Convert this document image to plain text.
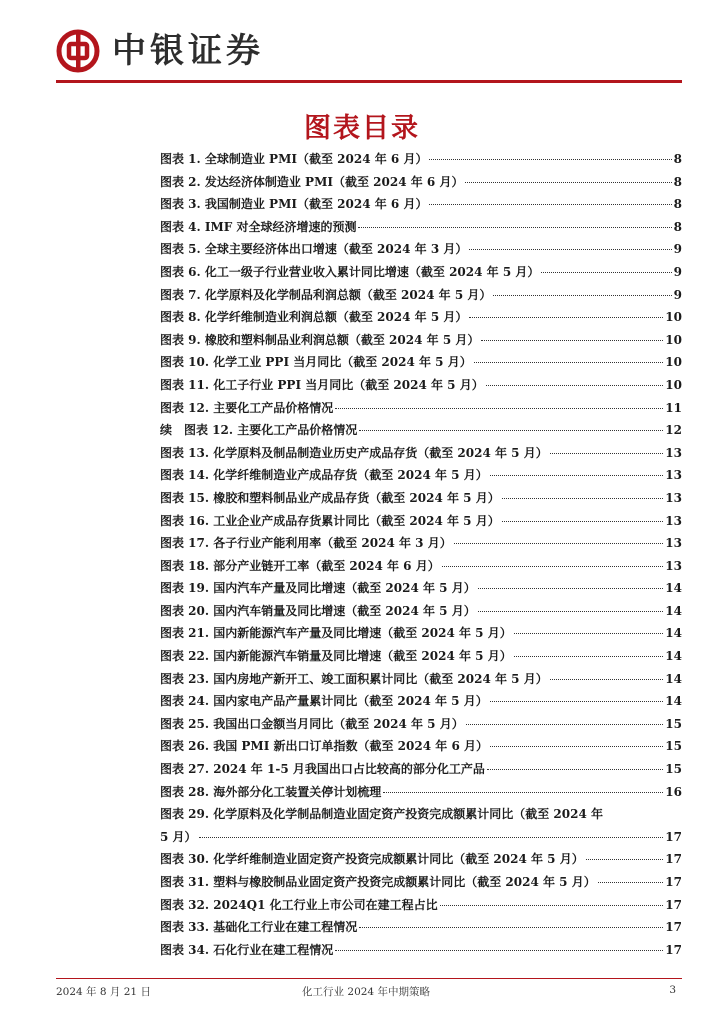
中银证券
图表目录
图表 1. 全球制造业 PMI（截至 2024 年 6 月）	8
图表 2. 发达经济体制造业 PMI（截至 2024 年 6 月）	8
图表 3. 我国制造业 PMI（截至 2024 年 6 月）	8
图表 4. IMF 对全球经济增速的预测	8
图表 5. 全球主要经济体出口增速（截至 2024 年 3 月）	9
图表 6. 化工一级子行业营业收入累计同比增速（截至 2024 年 5 月）	9
图表 7. 化学原料及化学制品利润总额（截至 2024 年 5 月）	9
图表 8. 化学纤维制造业利润总额（截至 2024 年 5 月）	10
图表 9. 橡胶和塑料制品业利润总额（截至 2024 年 5 月）	10
图表 10. 化学工业 PPI 当月同比（截至 2024 年 5 月）	10
图表 11. 化工子行业 PPI 当月同比（截至 2024 年 5 月）	10
图表 12. 主要化工产品价格情况	11
续　图表 12. 主要化工产品价格情况	12
图表 13. 化学原料及制品制造业历史产成品存货（截至 2024 年 5 月）	13
图表 14. 化学纤维制造业产成品存货（截至 2024 年 5 月）	13
图表 15. 橡胶和塑料制品业产成品存货（截至 2024 年 5 月）	13
图表 16. 工业企业产成品存货累计同比（截至 2024 年 5 月）	13
图表 17. 各子行业产能利用率（截至 2024 年 3 月）	13
图表 18. 部分产业链开工率（截至 2024 年 6 月）	13
图表 19. 国内汽车产量及同比增速（截至 2024 年 5 月）	14
图表 20. 国内汽车销量及同比增速（截至 2024 年 5 月）	14
图表 21. 国内新能源汽车产量及同比增速（截至 2024 年 5 月）	14
图表 22. 国内新能源汽车销量及同比增速（截至 2024 年 5 月）	14
图表 23. 国内房地产新开工、竣工面积累计同比（截至 2024 年 5 月）	14
图表 24. 国内家电产品产量累计同比（截至 2024 年 5 月）	14
图表 25. 我国出口金额当月同比（截至 2024 年 5 月）	15
图表 26. 我国 PMI 新出口订单指数（截至 2024 年 6 月）	15
图表 27. 2024 年 1-5 月我国出口占比较高的部分化工产品	15
图表 28. 海外部分化工装置关停计划梳理	16
图表 29. 化学原料及化学制品制造业固定资产投资完成额累计同比（截至 2024 年
5 月）	17
图表 30. 化学纤维制造业固定资产投资完成额累计同比（截至 2024 年 5 月）	17
图表 31. 塑料与橡胶制品业固定资产投资完成额累计同比（截至 2024 年 5 月）	17
图表 32. 2024Q1 化工行业上市公司在建工程占比	17
图表 33. 基础化工行业在建工程情况	17
图表 34. 石化行业在建工程情况	17
2024 年 8 月 21 日	化工行业 2024 年中期策略	3
